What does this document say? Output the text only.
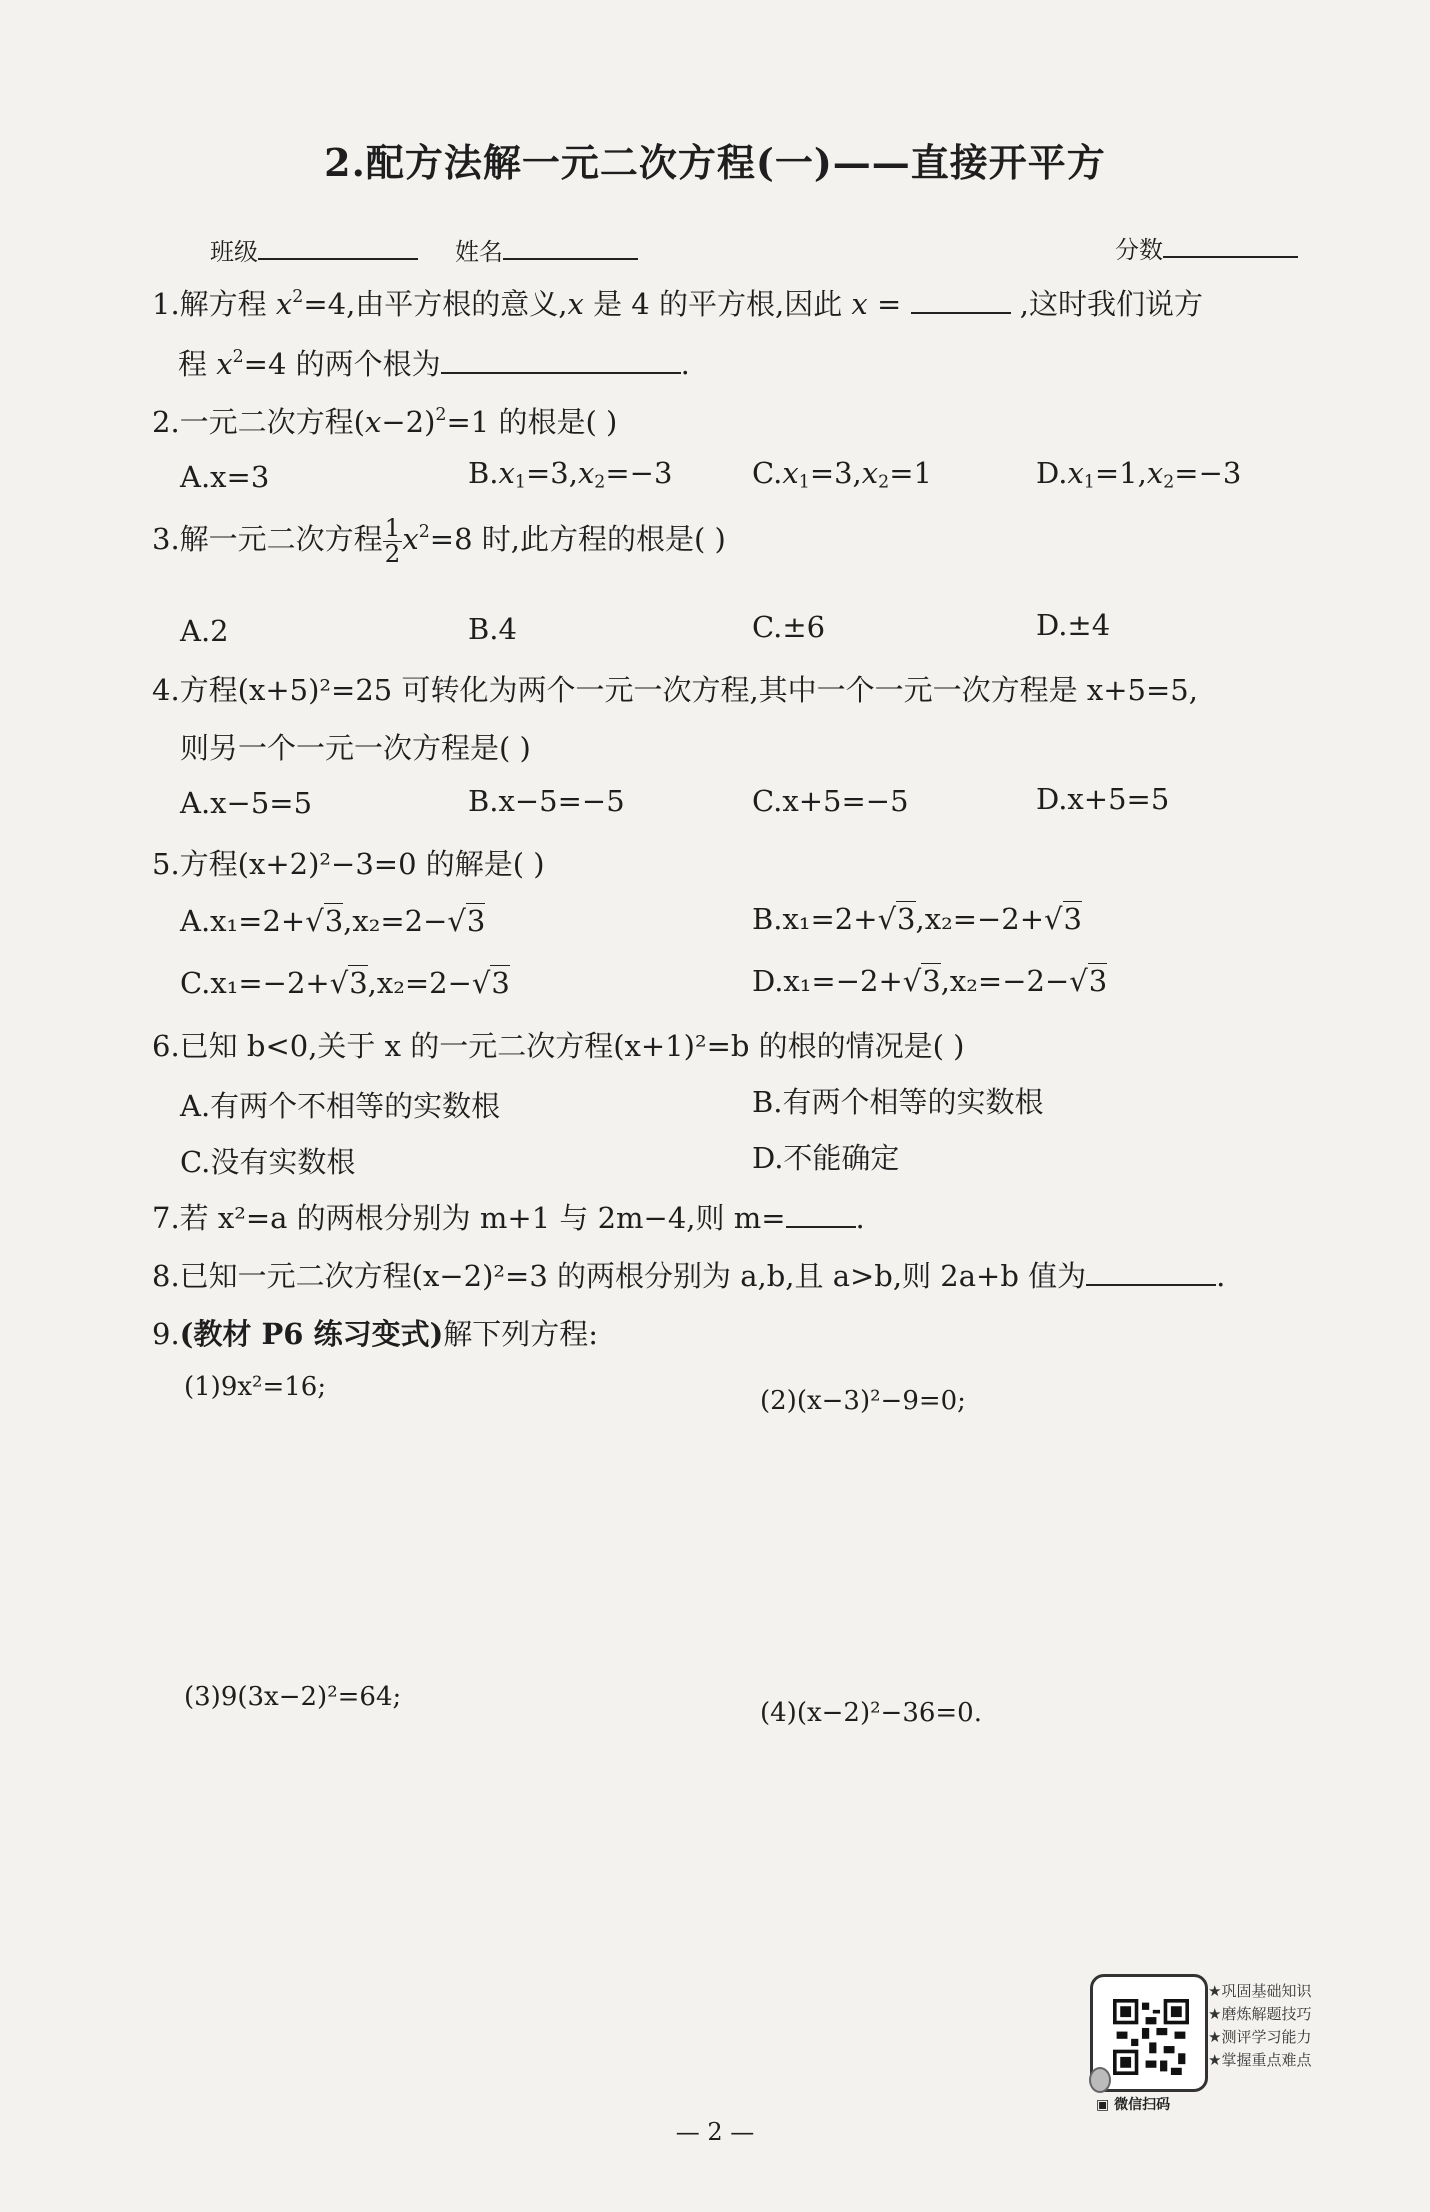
2.配方法解一元二次方程(一)——直接开平方
班级	姓名	分数
1.解方程 $x^2=4$,由平方根的意义,x 是 4 的平方根,因此 x =	,这时我们说方
程 $x^2=4$ 的两个根为	.
2.一元二次方程$(x-2)^2=1$ 的根是( )
A.x=3	$B.x_1=3,x_2=-3$	$C.x_1=3,x_2=1$	$D.x_1=1,x_2=-3$
3.解一元二次方程 $\frac{1}{2} x^2=8$ 时,此方程的根是( )
A.2	B.4	C.±6	D.±4
4.方程(x+5)²=25 可转化为两个一元一次方程,其中一个一元一次方程是 x+5=5,
则另一个一元一次方程是( )
A.x−5=5	B.x−5=−5	C.x+5=−5	D.x+5=5
5.方程(x+2)²−3=0 的解是( )
A.x₁=2+√3,x₂=2−√3	B.x₁=2+√3,x₂=−2+√3
C.x₁=−2+√3,x₂=2−√3	D.x₁=−2+√3,x₂=−2−√3
6.已知 b<0,关于 x 的一元二次方程(x+1)²=b 的根的情况是( )
A.有两个不相等的实数根	B.有两个相等的实数根
C.没有实数根	D.不能确定
7.若 x²=a 的两根分别为 m+1 与 2m−4,则 m= .
8.已知一元二次方程(x−2)²=3 的两根分别为 a,b,且 a>b,则 2a+b 值为	.
9.(教材 P6 练习变式)解下列方程:
(1)9x²=16;	(2)(x−3)²−9=0;
(3)9(3x−2)²=64;
(4)(x−2)²−36=0.
★巩固基础知识
★磨炼解题技巧
★测评学习能力
★掌握重点难点
▣ 微信扫码
— 2 —
